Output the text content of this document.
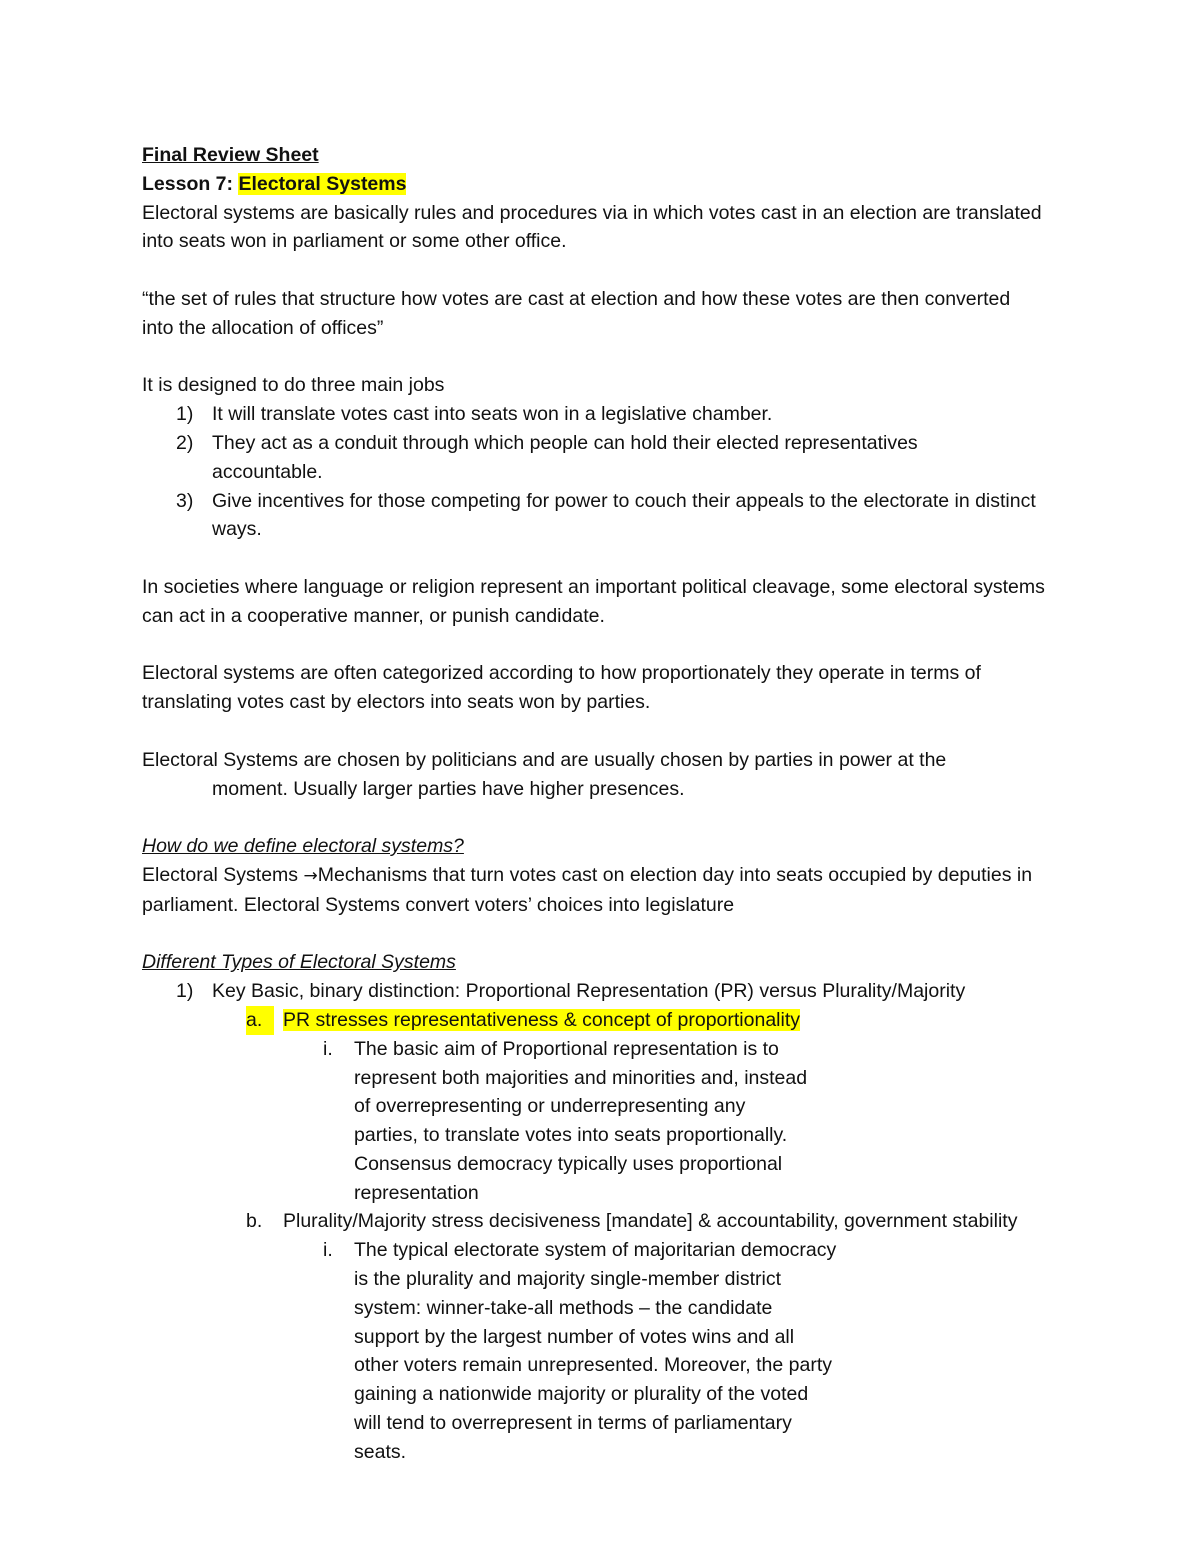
Final Review Sheet
Lesson 7: Electoral Systems
Electoral systems are basically rules and procedures via in which votes cast in an election are translated into seats won in parliament or some other office.
“the set of rules that structure how votes are cast at election and how these votes are then converted into the allocation of offices”
It is designed to do three main jobs
1) It will translate votes cast into seats won in a legislative chamber.
2) They act as a conduit through which people can hold their elected representatives accountable.
3) Give incentives for those competing for power to couch their appeals to the electorate in distinct ways.
In societies where language or religion represent an important political cleavage, some electoral systems can act in a cooperative manner, or punish candidate.
Electoral systems are often categorized according to how proportionately they operate in terms of translating votes cast by electors into seats won by parties.
Electoral Systems are chosen by politicians and are usually chosen by parties in power at the
moment. Usually larger parties have higher presences.
How do we define electoral systems?
Electoral Systems →Mechanisms that turn votes cast on election day into seats occupied by deputies in parliament. Electoral Systems convert voters’ choices into legislature
Different Types of Electoral Systems
1) Key Basic, binary distinction: Proportional Representation (PR) versus Plurality/Majority
a.	PR stresses representativeness & concept of proportionality
i. The basic aim of Proportional representation is to represent both majorities and minorities and, instead of overrepresenting or underrepresenting any parties, to translate votes into seats proportionally. Consensus democracy typically uses proportional representation
b. Plurality/Majority stress decisiveness [mandate] & accountability, government stability
i. The typical electorate system of majoritarian democracy is the plurality and majority single-member district system: winner-take-all methods – the candidate support by the largest number of votes wins and all other voters remain unrepresented. Moreover, the party gaining a nationwide majority or plurality of the voted will tend to overrepresent in terms of parliamentary seats.
